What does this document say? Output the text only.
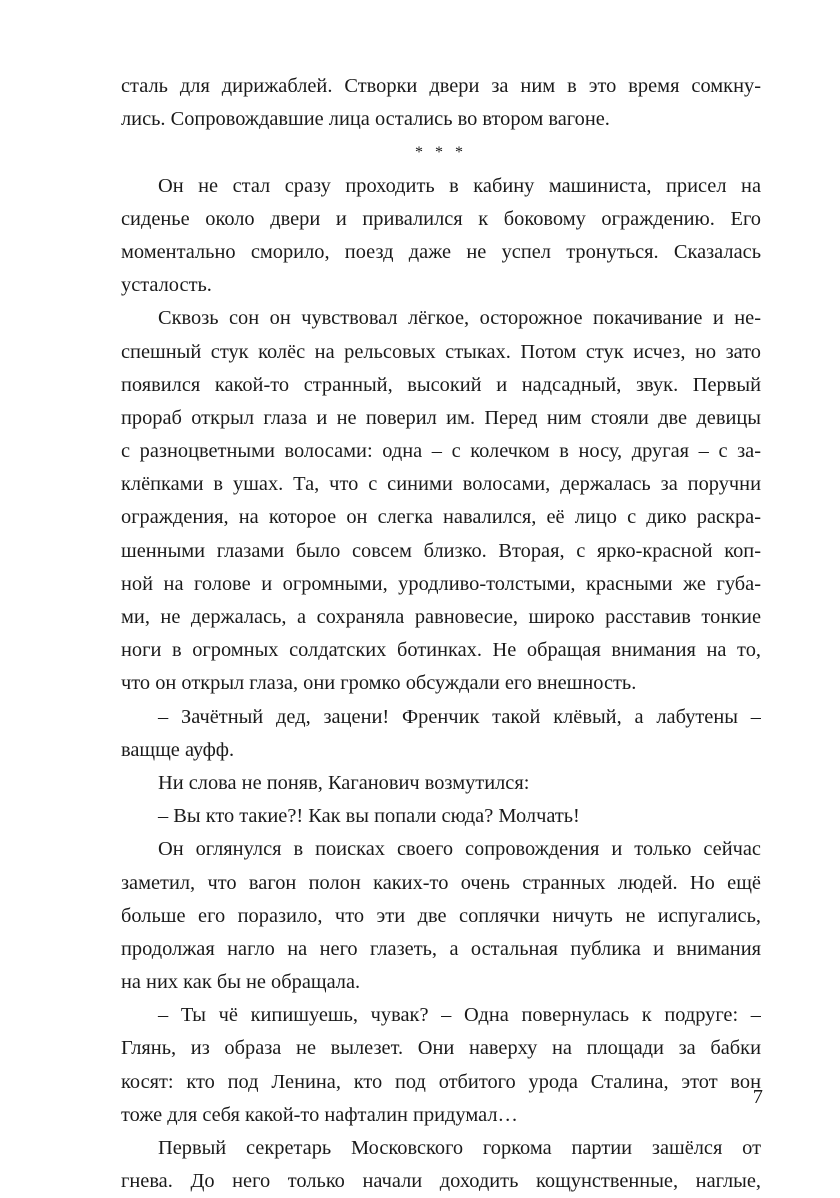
сталь для дирижаблей. Створки двери за ним в это время сомкну-
лись. Сопровождавшие лица остались во втором вагоне.
* * *
Он не стал сразу проходить в кабину машиниста, присел на
сиденье около двери и привалился к боковому ограждению. Его
моментально сморило, поезд даже не успел тронуться. Сказалась
усталость.
Сквозь сон он чувствовал лёгкое, осторожное покачивание и не-
спешный стук колёс на рельсовых стыках. Потом стук исчез, но зато
появился какой-то странный, высокий и надсадный, звук. Первый
прораб открыл глаза и не поверил им. Перед ним стояли две девицы
с разноцветными волосами: одна – с колечком в носу, другая – с за-
клёпками в ушах. Та, что с синими волосами, держалась за поручни
ограждения, на которое он слегка навалился, её лицо с дико раскра-
шенными глазами было совсем близко. Вторая, с ярко-красной коп-
ной на голове и огромными, уродливо-толстыми, красными же губа-
ми, не держалась, а сохраняла равновесие, широко расставив тонкие
ноги в огромных солдатских ботинках. Не обращая внимания на то,
что он открыл глаза, они громко обсуждали его внешность.
– Зачётный дед, зацени! Френчик такой клёвый, а лабутены –
ващще ауфф.
Ни слова не поняв, Каганович возмутился:
– Вы кто такие?! Как вы попали сюда? Молчать!
Он оглянулся в поисках своего сопровождения и только сейчас
заметил, что вагон полон каких-то очень странных людей. Но ещё
больше его поразило, что эти две соплячки ничуть не испугались,
продолжая нагло на него глазеть, а остальная публика и внимания
на них как бы не обращала.
– Ты чё кипишуешь, чувак? – Одна повернулась к подруге: –
Глянь, из образа не вылезет. Они наверху на площади за бабки
косят: кто под Ленина, кто под отбитого урода Сталина, этот вон
тоже для себя какой-то нафталин придумал…
Первый секретарь Московского горкома партии зашёлся от
гнева. До него только начали доходить кощунственные, наглые,
7
